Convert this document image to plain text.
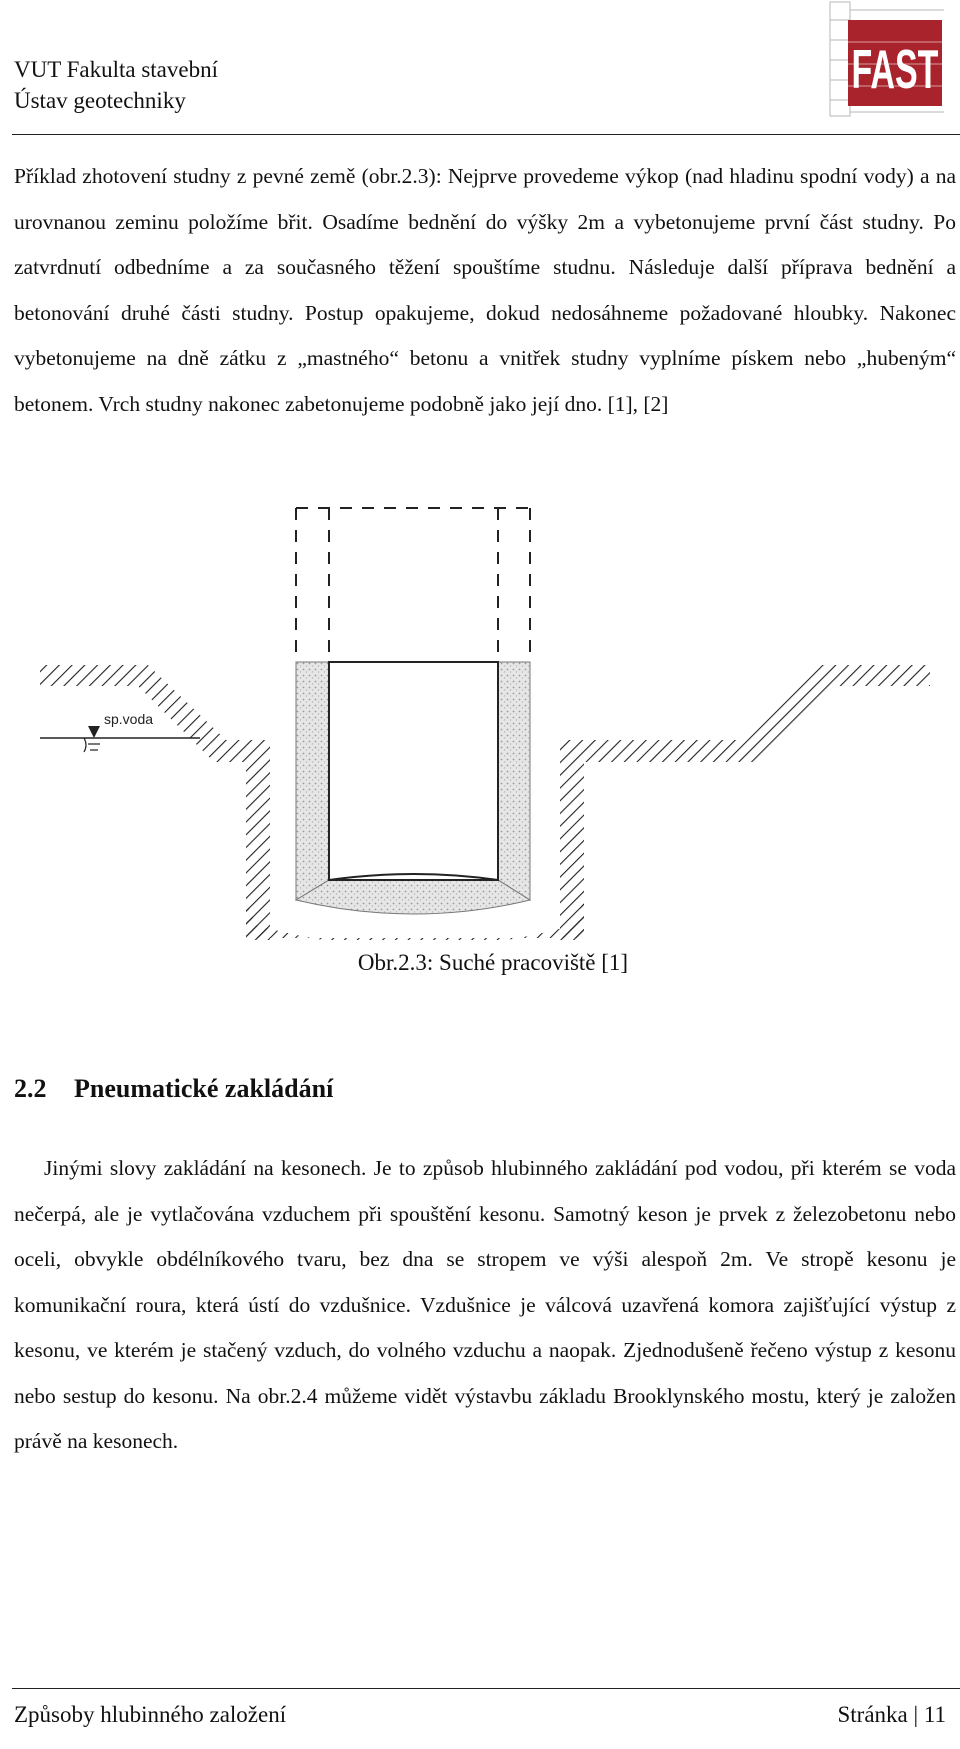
VUT Fakulta stavební
Ústav geotechniky
FAST
Příklad zhotovení studny z pevné země (obr.2.3): Nejprve provedeme výkop (nad hladinu spodní vody) a na urovnanou zeminu položíme břit. Osadíme bednění do výšky 2m a vybetonujeme první část studny. Po zatvrdnutí odbedníme a za současného těžení spouštíme studnu. Následuje další příprava bednění a betonování druhé části studny. Postup opakujeme, dokud nedosáhneme požadované hloubky. Nakonec vybetonujeme na dně zátku z „mastného“ betonu a vnitřek studny vyplníme pískem nebo „hubeným“ betonem. Vrch studny nakonec zabetonujeme podobně jako její dno. [1], [2]
sp.voda
Obr.2.3: Suché pracoviště [1]
2.2 Pneumatické zakládání
Jinými slovy zakládání na kesonech. Je to způsob hlubinného zakládání pod vodou, při kterém se voda nečerpá, ale je vytlačována vzduchem při spouštění kesonu. Samotný keson je prvek z železobetonu nebo oceli, obvykle obdélníkového tvaru, bez dna se stropem ve výši alespoň 2m. Ve stropě kesonu je komunikační roura, která ústí do vzdušnice. Vzdušnice je válcová uzavřená komora zajišťující výstup z kesonu, ve kterém je stačený vzduch, do volného vzduchu a naopak. Zjednodušeně řečeno výstup z kesonu nebo sestup do kesonu. Na obr.2.4 můžeme vidět výstavbu základu Brooklynského mostu, který je založen právě na kesonech.
Způsoby hlubinného založení	Stránka | 11
